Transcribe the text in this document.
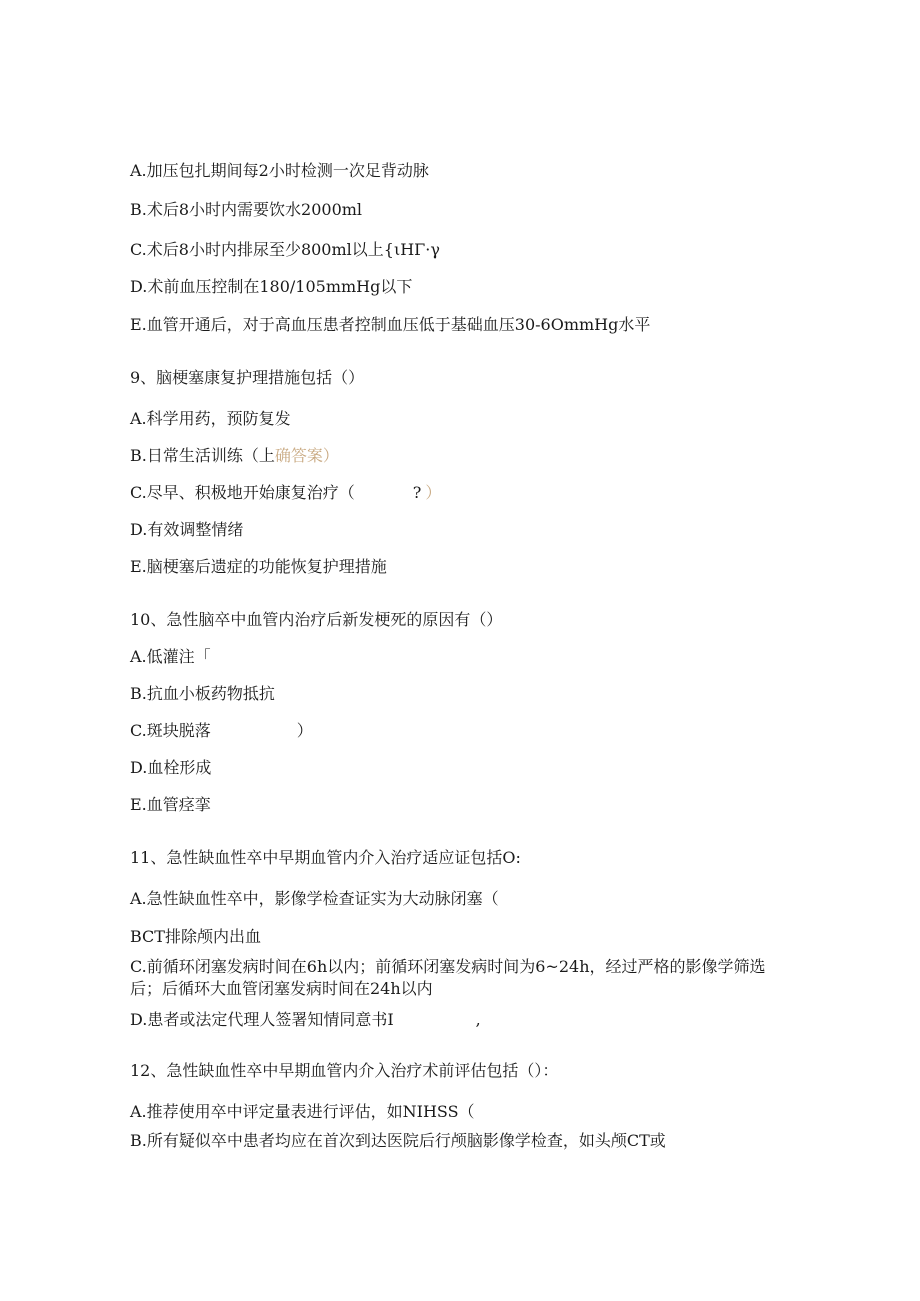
A.加压包扎期间每2小时检测一次足背动脉
B.术后8小时内需要饮水2000ml
C.术后8小时内排尿至少800ml以上{ιHΓ·γ
D.术前血压控制在180/105mmHg以下
E.血管开通后，对于高血压患者控制血压低于基础血压30-6OmmHg水平
9、脑梗塞康复护理措施包括（）
A.科学用药，预防复发
B.日常生活训练（上确答案）
C.尽早、积极地开始康复治疗（	? ）
D.有效调整情绪
E.脑梗塞后遗症的功能恢复护理措施
10、急性脑卒中血管内治疗后新发梗死的原因有（）
A.低灌注「
B.抗血小板药物抵抗
C.斑块脱落	）
D.血栓形成
E.血管痉挛
11、急性缺血性卒中早期血管内介入治疗适应证包括O:
A.急性缺血性卒中，影像学检查证实为大动脉闭塞（
BCT排除颅内出血
C.前循环闭塞发病时间在6h以内；前循环闭塞发病时间为6~24h，经过严格的影像学筛选后；后循环大血管闭塞发病时间在24h以内
D.患者或法定代理人签署知情同意书I	,
12、急性缺血性卒中早期血管内介入治疗术前评估包括（）：
A.推荐使用卒中评定量表进行评估，如NIHSS（
B.所有疑似卒中患者均应在首次到达医院后行颅脑影像学检查，如头颅CT或
